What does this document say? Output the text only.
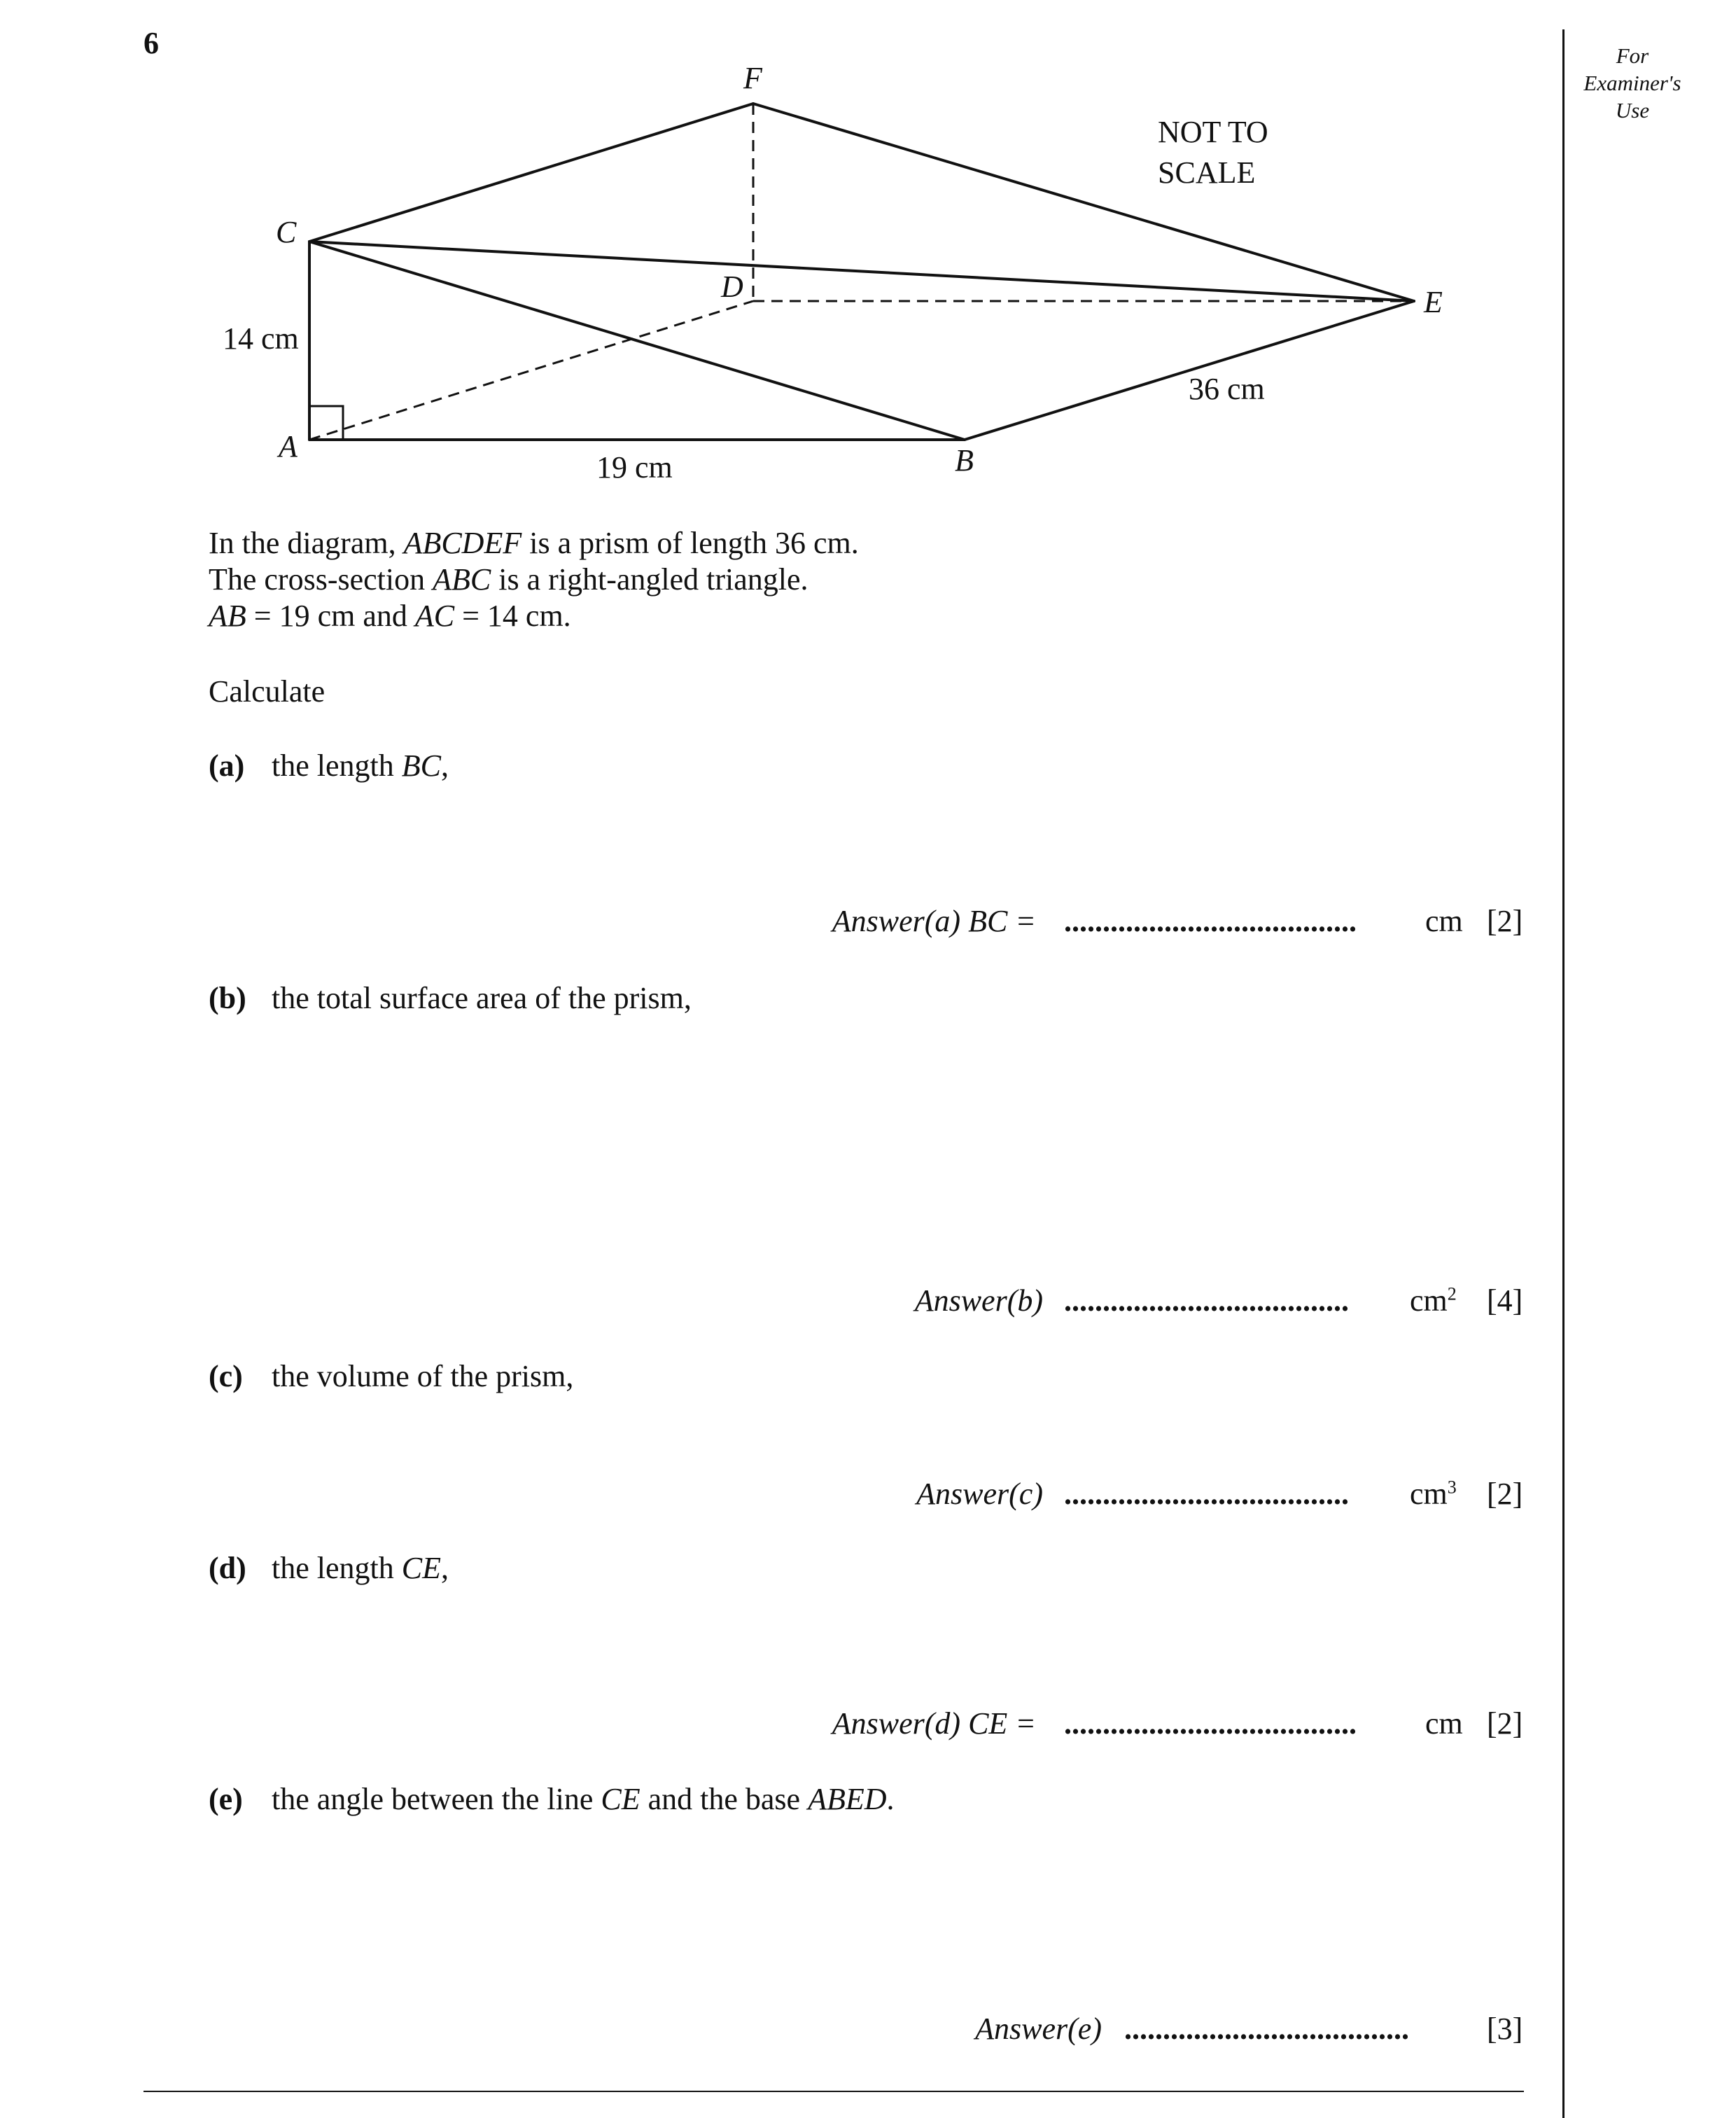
6	For
Examiner's
Use
F
C
D	E
A	B
14 cm
19 cm
36 cm
NOT TO
SCALE
In the diagram, ABCDEF is a prism of length 36 cm.
The cross-section ABC is a right-angled triangle.
AB = 19 cm and AC = 14 cm.
Calculate
(a) the length BC,
Answer(a) BC = ...................................... cm [2]
(b) the total surface area of the prism,
Answer(b) ..................................... $cm^2$ [4]
(c) the volume of the prism,
Answer(c) ..................................... $cm^3$ [2]
(d) the length CE,
Answer(d) CE = ...................................... cm [2]
(e) the angle between the line CE and the base ABED.
Answer(e) .....................................	[3]
